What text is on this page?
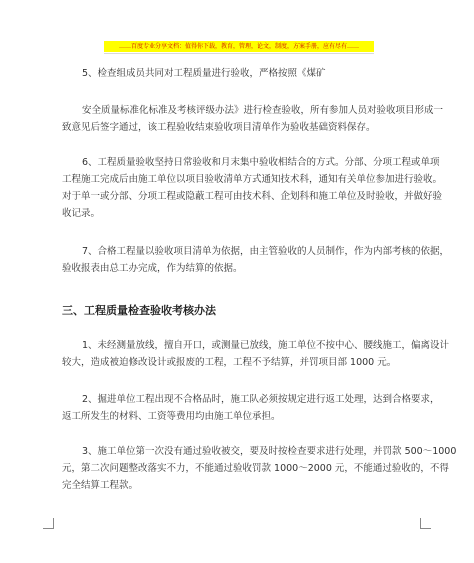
……百度专业分享文档：值得你下载，教育，管理，论文，制度，方案手册，应有尽有……

5、检查组成员共同对工程质量进行验收，严格按照《煤矿

安全质量标准化标准及考核评级办法》进行检查验收，所有参加人员对验收项目形成一
致意见后签字通过，该工程验收结束验收项目清单作为验收基础资料保存。

6、工程质量验收坚持日常验收和月末集中验收相结合的方式。分部、分项工程或单项
工程施工完成后由施工单位以项目验收清单方式通知技术科，通知有关单位参加进行验收。
对于单一或分部、分项工程或隐蔽工程可由技术科、企划科和施工单位及时验收，并做好验
收记录。

7、合格工程量以验收项目清单为依据，由主管验收的人员制作，作为内部考核的依据，
验收报表由总工办完成，作为结算的依据。

三、工程质量检查验收考核办法

1、未经测量放线，擅自开口，或测量已放线，施工单位不按中心、腰线施工，偏离设计
较大，造成被迫修改设计或报废的工程，工程不予结算，并罚项目部 1000 元。

2、掘进单位工程出现不合格品时，施工队必须按规定进行返工处理，达到合格要求，
返工所发生的材料、工资等费用均由施工单位承担。

3、施工单位第一次没有通过验收被交，要及时按检查要求进行处理，并罚款 500～1000
元，第二次问题整改落实不力，不能通过验收罚款 1000～2000 元，不能通过验收的，不得
完全结算工程款。
